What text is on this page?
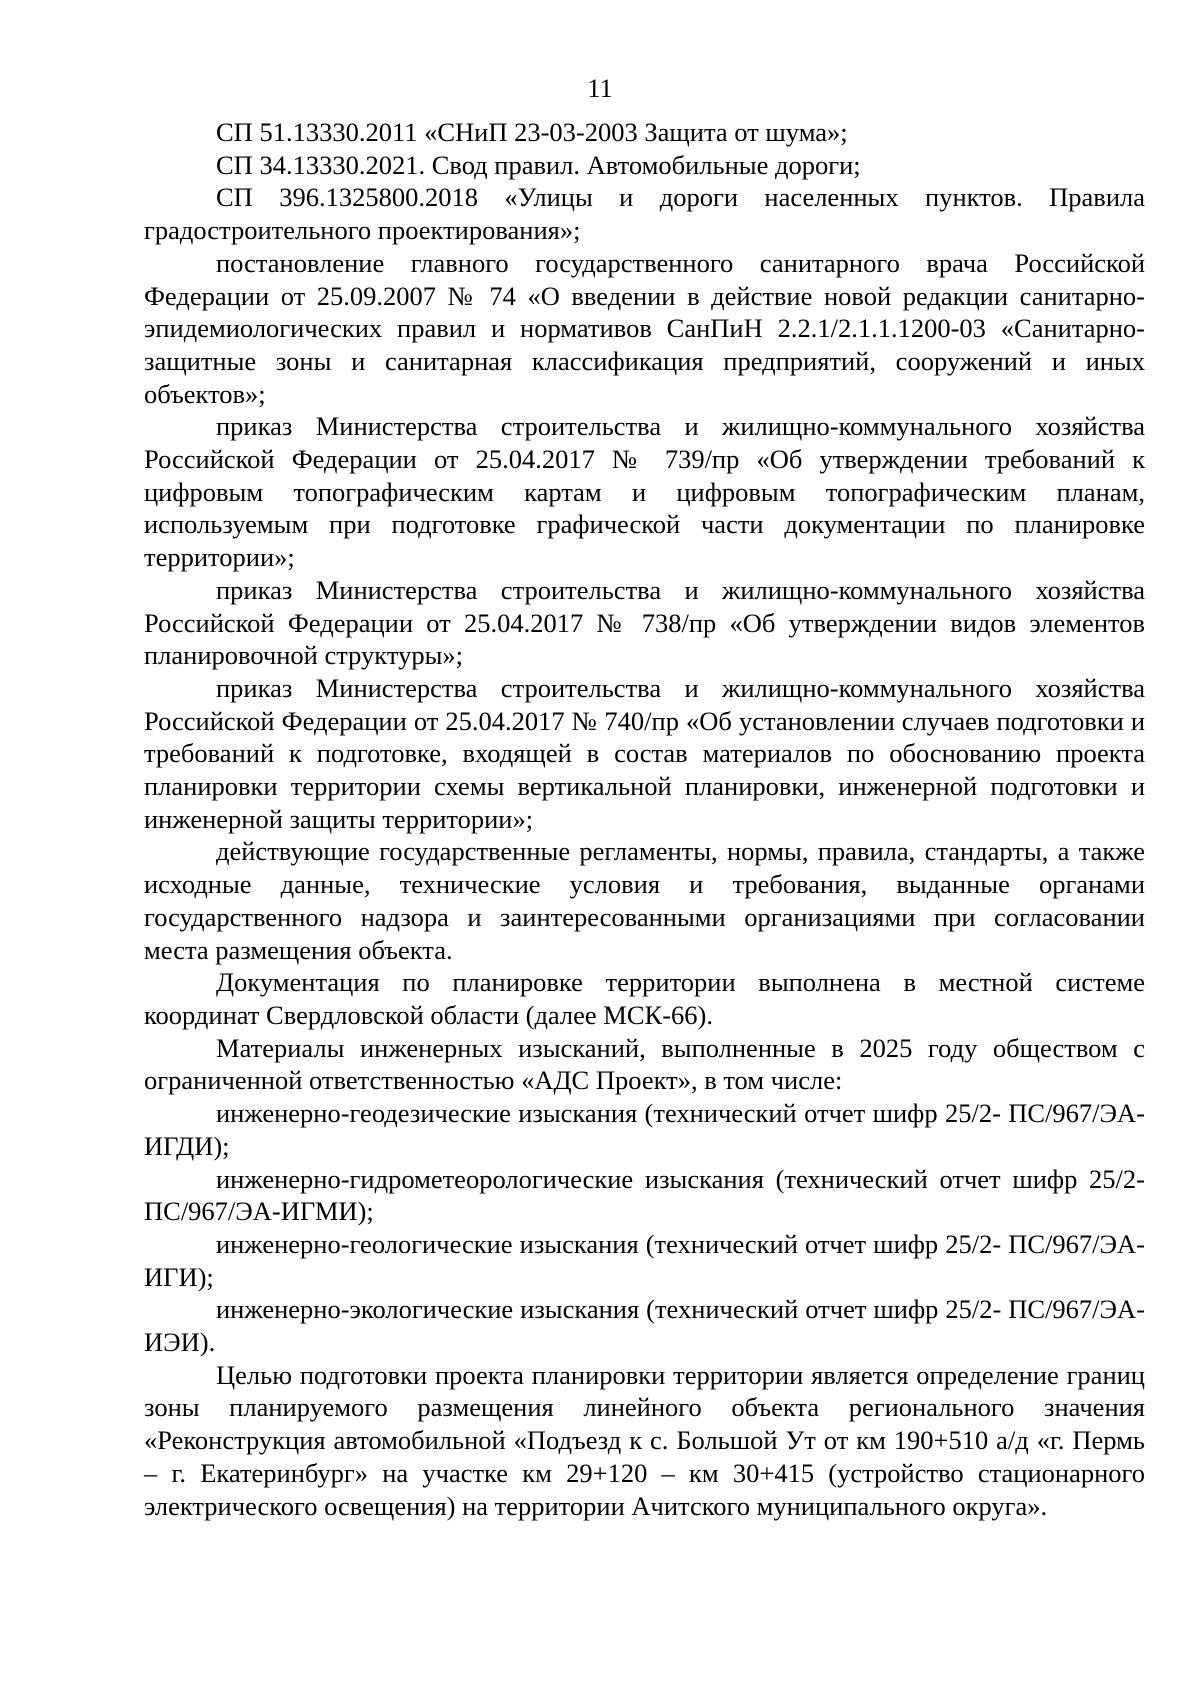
11

СП 51.13330.2011 «СНиП 23-03-2003 Защита от шума»;

СП 34.13330.2021. Свод правил. Автомобильные дороги;

СП 396.1325800.2018 «Улицы и дороги населенных пунктов. Правила градостроительного проектирования»;

постановление главного государственного санитарного врача Российской Федерации от 25.09.2007 № 74 «О введении в действие новой редакции санитарно-эпидемиологических правил и нормативов СанПиН 2.2.1/2.1.1.1200-03 «Санитарно-защитные зоны и санитарная классификация предприятий, сооружений и иных объектов»;

приказ Министерства строительства и жилищно-коммунального хозяйства Российской Федерации от 25.04.2017 № 739/пр «Об утверждении требований к цифровым топографическим картам и цифровым топографическим планам, используемым при подготовке графической части документации по планировке территории»;

приказ Министерства строительства и жилищно-коммунального хозяйства Российской Федерации от 25.04.2017 № 738/пр «Об утверждении видов элементов планировочной структуры»;

приказ Министерства строительства и жилищно-коммунального хозяйства Российской Федерации от 25.04.2017 № 740/пр «Об установлении случаев подготовки и требований к подготовке, входящей в состав материалов по обоснованию проекта планировки территории схемы вертикальной планировки, инженерной подготовки и инженерной защиты территории»;

действующие государственные регламенты, нормы, правила, стандарты, а также исходные данные, технические условия и требования, выданные органами государственного надзора и заинтересованными организациями при согласовании места размещения объекта.

Документация по планировке территории выполнена в местной системе координат Свердловской области (далее МСК-66).

Материалы инженерных изысканий, выполненные в 2025 году обществом с ограниченной ответственностью «АДС Проект», в том числе:

инженерно-геодезические изыскания (технический отчет шифр 25/2- ПС/967/ЭА-ИГДИ);

инженерно-гидрометеорологические изыскания (технический отчет шифр 25/2-ПС/967/ЭА-ИГМИ);

инженерно-геологические изыскания (технический отчет шифр 25/2- ПС/967/ЭА-ИГИ);

инженерно-экологические изыскания (технический отчет шифр 25/2- ПС/967/ЭА-ИЭИ).

Целью подготовки проекта планировки территории является определение границ зоны планируемого размещения линейного объекта регионального значения «Реконструкция автомобильной «Подъезд к с. Большой Ут от км 190+510 а/д «г. Пермь – г. Екатеринбург» на участке км 29+120 – км 30+415 (устройство стационарного электрического освещения) на территории Ачитского муниципального округа».
